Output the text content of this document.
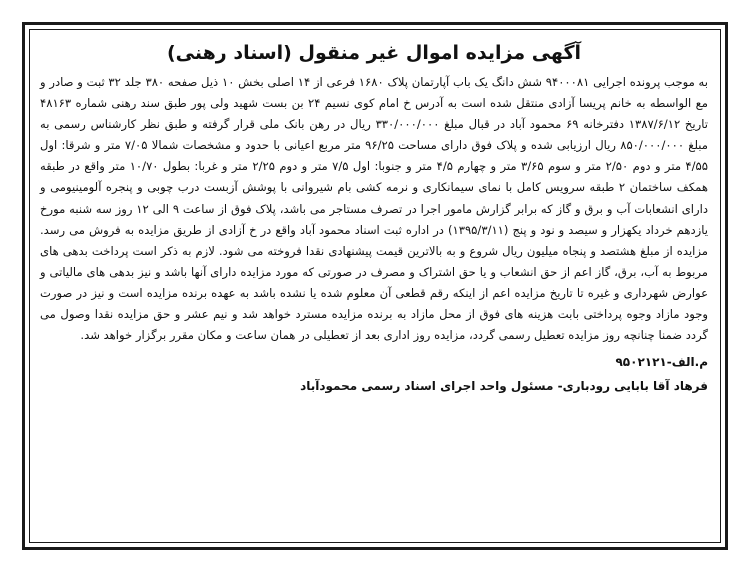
آگهی مزایده اموال غیر منقول (اسناد رهنی)

به موجب پرونده اجرایی ۹۴۰۰۰۸۱ شش دانگ یک باب آپارتمان پلاک ۱۶۸۰ فرعی از ۱۴ اصلی بخش ۱۰ ذیل صفحه ۳۸۰ جلد ۳۲ ثبت و صادر و مع الواسطه به خانم پریسا آزادی منتقل شده است به آدرس خ امام کوی نسیم ۲۴ بن بست شهید ولی پور طبق سند رهنی شماره ۴۸۱۶۳ تاریخ ۱۳۸۷/۶/۱۲ دفترخانه ۶۹ محمود آباد در قبال مبلغ ۳۳۰/۰۰۰/۰۰۰ ریال در رهن بانک ملی قرار گرفته و طبق نظر کارشناس رسمی به مبلغ ۸۵۰/۰۰۰/۰۰۰ ریال ارزیابی شده و پلاک فوق دارای مساحت ۹۶/۲۵ متر مربع اعیانی با حدود و مشخصات شمالا ۷/۰۵ متر و شرقا: اول ۴/۵۵ متر و دوم ۲/۵۰ متر و سوم ۳/۶۵ متر و چهارم ۴/۵ متر و جنوبا: اول ۷/۵ متر و دوم ۲/۲۵ متر و غربا: بطول ۱۰/۷۰ متر واقع در طبقه همکف ساختمان ۲ طبقه سرویس کامل با نمای سیمانکاری و نرمه کشی بام شیروانی با پوشش آزبست درب چوبی و پنجره آلومینیومی و دارای انشعابات آب و برق و گاز که برابر گزارش مامور اجرا در تصرف مستاجر می باشد، پلاک فوق از ساعت ۹ الی ۱۲ روز سه شنبه مورخ یازدهم خرداد یکهزار و سیصد و نود و پنج (۱۳۹۵/۳/۱۱) در اداره ثبت اسناد محمود آباد واقع در خ آزادی از طریق مزایده به فروش می رسد. مزایده از مبلغ هشتصد و پنجاه میلیون ریال شروع و به بالاترین قیمت پیشنهادی نقدا فروخته می شود. لازم به ذکر است پرداخت بدهی های مربوط به آب، برق، گاز اعم از حق انشعاب و یا حق اشتراک و مصرف در صورتی که مورد مزایده دارای آنها باشد و نیز بدهی های مالیاتی و عوارض شهرداری و غیره تا تاریخ مزایده اعم از اینکه رقم قطعی آن معلوم شده یا نشده باشد به عهده برنده مزایده است و نیز در صورت وجود مازاد وجوه پرداختی بابت هزینه های فوق از محل مازاد به برنده مزایده مسترد خواهد شد و نیم عشر و حق مزایده نقدا وصول می گردد ضمنا چنانچه روز مزایده تعطیل رسمی گردد، مزایده روز اداری بعد از تعطیلی در همان ساعت و مکان مقرر برگزار خواهد شد.

م.الف-۹۵۰۲۱۲۱
فرهاد آقا بابایی رودباری- مسئول واحد اجرای اسناد رسمی محمودآباد
